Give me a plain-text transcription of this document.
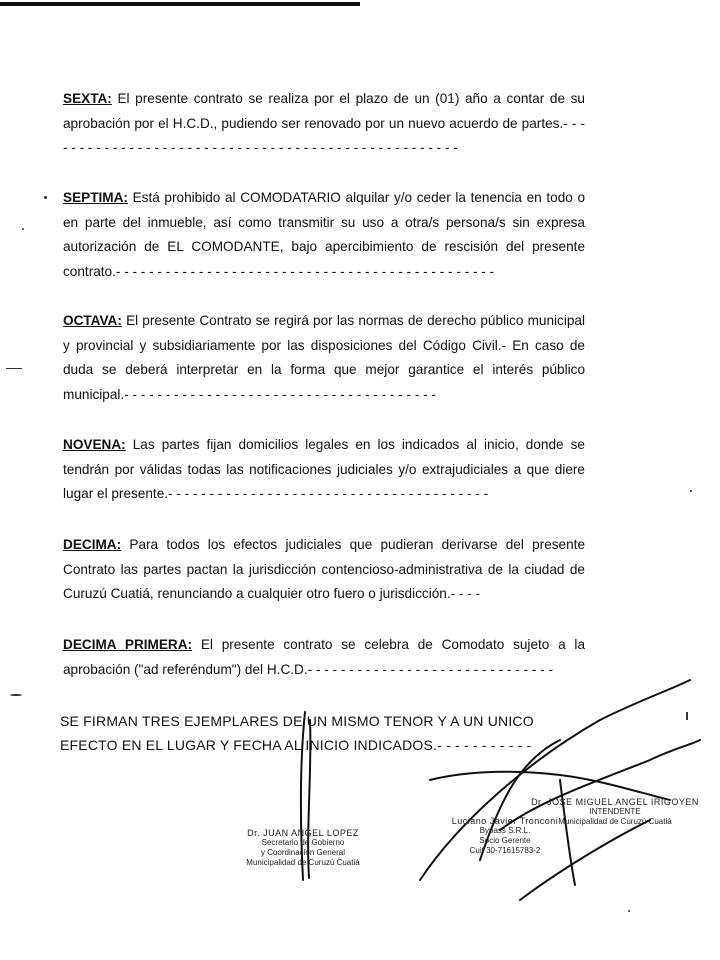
SEXTA: El presente contrato se realiza por el plazo de un (01) año a contar de su aprobación por el H.C.D., pudiendo ser renovado por un nuevo acuerdo de partes.- - - - - - - - - - - - - - - - - - - - - - - - - - - - - - - - - - - - - - - - - - - - - - - - - - -
SEPTIMA: Está prohibido al COMODATARIO alquilar y/o ceder la tenencia en todo o en parte del inmueble, así como transmitir su uso a otra/s persona/s sin expresa autorización de EL COMODANTE, bajo apercibimiento de rescisión del presente contrato.- - - - - - - - - - - - - - - - - - - - - - - - - - - - - - - - - - - - - - - - - - - - - -
OCTAVA: El presente Contrato se regirá por las normas de derecho público municipal y provincial y subsidiariamente por las disposiciones del Código Civil.- En caso de duda se deberá interpretar en la forma que mejor garantice el interés público municipal.- - - - - - - - - - - - - - - - - - - - - - - - - - - - - - - - - - - - - -
NOVENA: Las partes fijan domicilios legales en los indicados al inicio, donde se tendrán por válidas todas las notificaciones judiciales y/o extrajudiciales a que diere lugar el presente.- - - - - - - - - - - - - - - - - - - - - - - - - - - - - - - - - - - - - - -
DECIMA: Para todos los efectos judiciales que pudieran derivarse del presente Contrato las partes pactan la jurisdicción contencioso-administrativa de la ciudad de Curuzú Cuatiá, renunciando a cualquier otro fuero o jurisdicción.- - - -
DECIMA PRIMERA: El presente contrato se celebra de Comodato sujeto a la aprobación ("ad referéndum") del H.C.D.- - - - - - - - - - - - - - - - - - - - - - - - - - - - - -
SE FIRMAN TRES EJEMPLARES DE UN MISMO TENOR Y A UN UNICO
EFECTO EN EL LUGAR Y FECHA AL INICIO INDICADOS.- - - - - - - - - - -
Dr. JUAN ANGEL LOPEZ
Secretario de Gobierno
y Coordinación General
Municipalidad de Curuzú Cuatiá
Luciano Javier Tronconi
Bypass S.R.L.
Socio Gerente
Cuit 30-71615783-2
Dr. JOSE MIGUEL ANGEL IRIGOYEN
INTENDENTE
Municipalidad de Curuzú Cuatiá
